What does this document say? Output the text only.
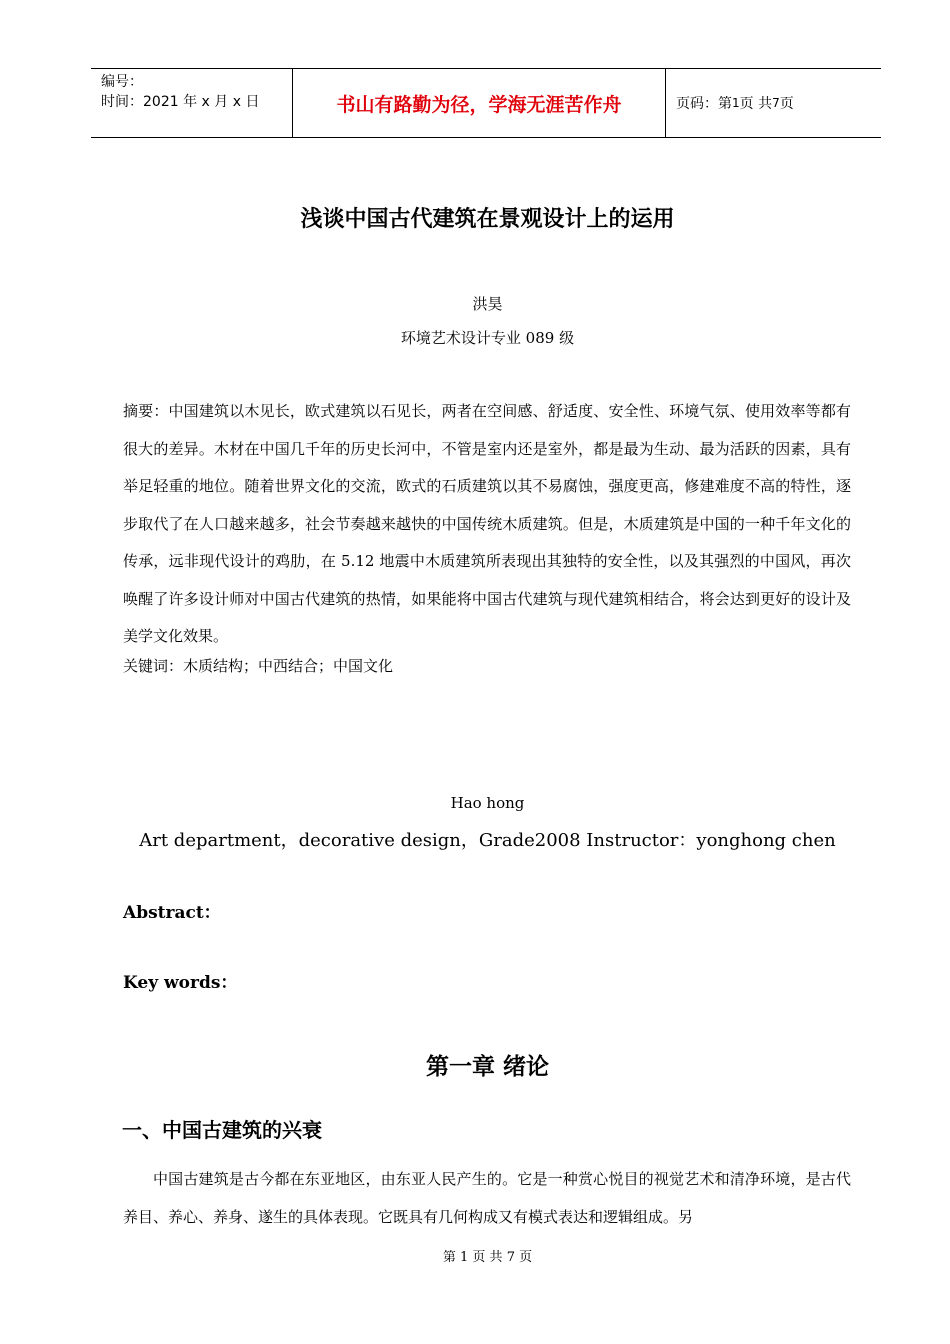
编号：
时间：2021 年 x 月 x 日	书山有路勤为径，学海无涯苦作舟	页码：第 1 页 共 7 页
浅谈中国古代建筑在景观设计上的运用
洪昊
环境艺术设计专业 089 级
摘要：中国建筑以木见长，欧式建筑以石见长，两者在空间感、舒适度、安全性、环境气氛、使用效率等都有很大的差异。木材在中国几千年的历史长河中，不管是室内还是室外，都是最为生动、最为活跃的因素，具有举足轻重的地位。随着世界文化的交流，欧式的石质建筑以其不易腐蚀，强度更高，修建难度不高的特性，逐步取代了在人口越来越多，社会节奏越来越快的中国传统木质建筑。但是，木质建筑是中国的一种千年文化的传承，远非现代设计的鸡肋，在 5.12 地震中木质建筑所表现出其独特的安全性，以及其强烈的中国风，再次唤醒了许多设计师对中国古代建筑的热情，如果能将中国古代建筑与现代建筑相结合，将会达到更好的设计及美学文化效果。
关键词：木质结构；中西结合；中国文化
Hao hong
Art department，decorative design，Grade2008 Instructor：yonghong chen
Abstract：
Key words：
第一章 绪论
一、中国古建筑的兴衰
中国古建筑是古今都在东亚地区，由东亚人民产生的。它是一种赏心悦目的视觉艺术和清净环境，是古代养目、养心、养身、遂生的具体表现。它既具有几何构成又有模式表达和逻辑组成。另
第 1 页 共 7 页
